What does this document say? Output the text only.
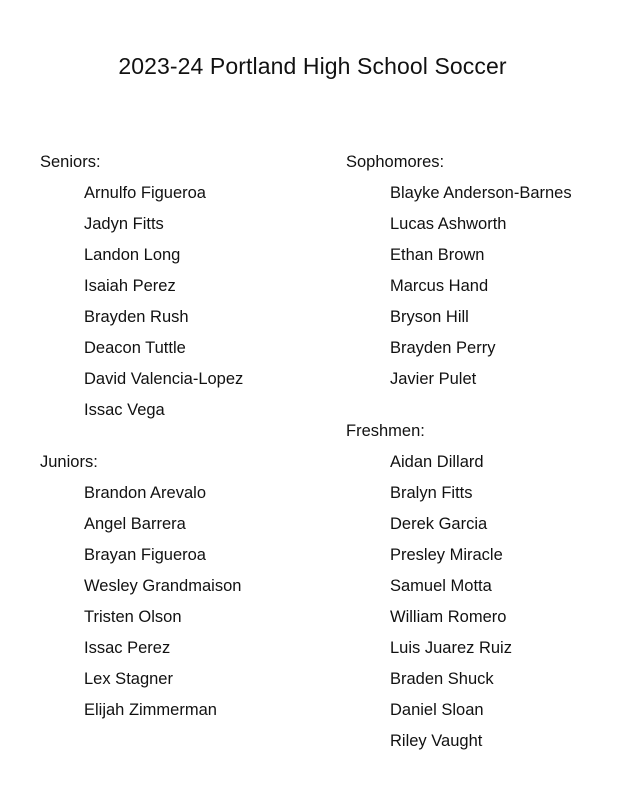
2023-24 Portland High School Soccer
Seniors:
Arnulfo Figueroa
Jadyn Fitts
Landon Long
Isaiah Perez
Brayden Rush
Deacon Tuttle
David Valencia-Lopez
Issac Vega
Juniors:
Brandon Arevalo
Angel Barrera
Brayan Figueroa
Wesley Grandmaison
Tristen Olson
Issac Perez
Lex Stagner
Elijah Zimmerman
Sophomores:
Blayke Anderson-Barnes
Lucas Ashworth
Ethan Brown
Marcus Hand
Bryson Hill
Brayden Perry
Javier Pulet
Freshmen:
Aidan Dillard
Bralyn Fitts
Derek Garcia
Presley Miracle
Samuel Motta
William Romero
Luis Juarez Ruiz
Braden Shuck
Daniel Sloan
Riley Vaught
